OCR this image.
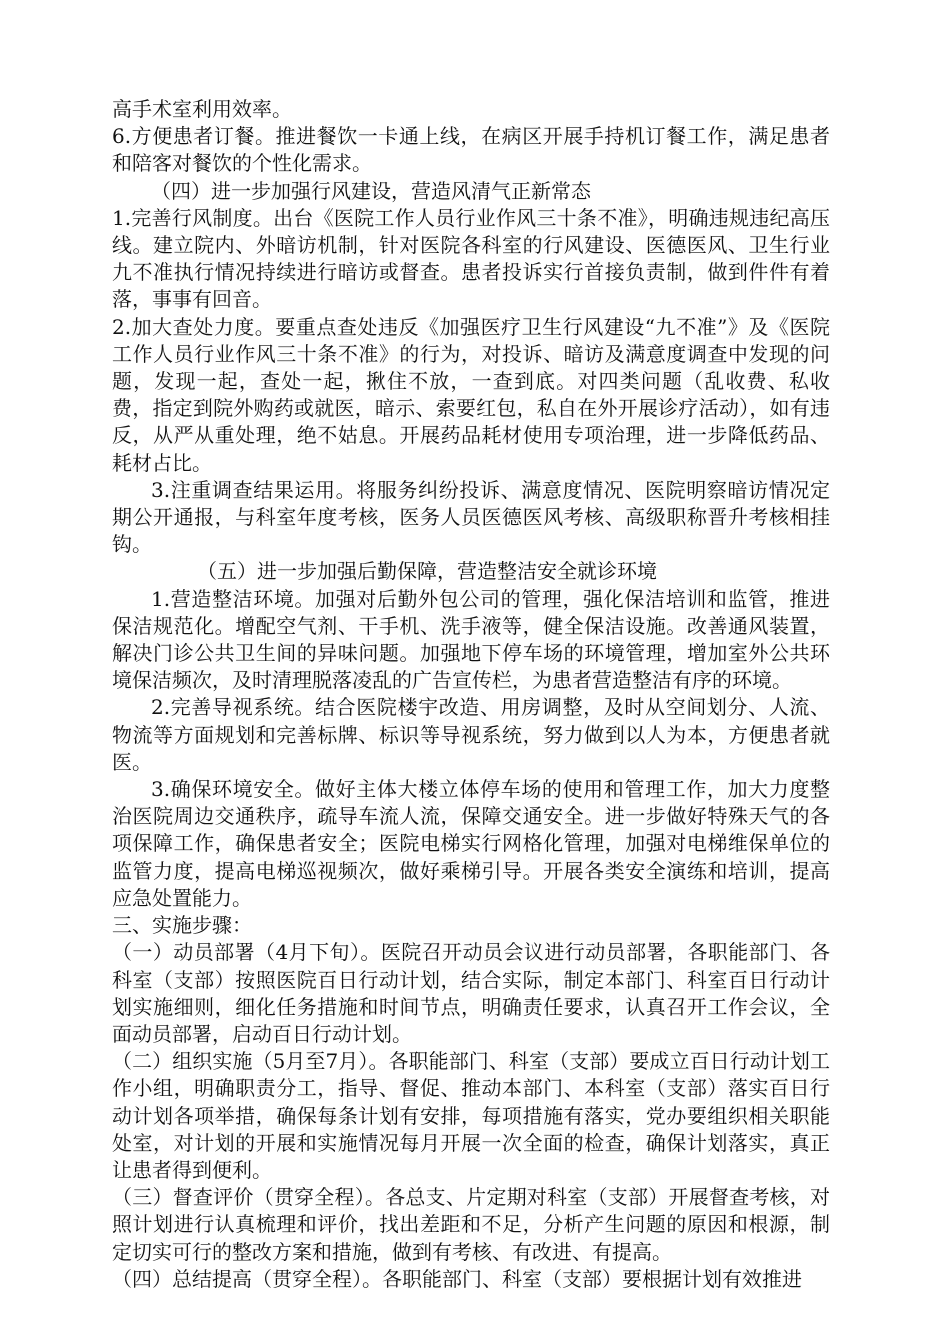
高手术室利用效率。

6.方便患者订餐。推进餐饮一卡通上线，在病区开展手持机订餐工作，满足患者和陪客对餐饮的个性化需求。

（四）进一步加强行风建设，营造风清气正新常态

1.完善行风制度。出台《医院工作人员行业作风三十条不准》，明确违规违纪高压线。建立院内、外暗访机制，针对医院各科室的行风建设、医德医风、卫生行业九不准执行情况持续进行暗访或督查。患者投诉实行首接负责制，做到件件有着落，事事有回音。

2.加大查处力度。要重点查处违反《加强医疗卫生行风建设“九不准”》及《医院工作人员行业作风三十条不准》的行为，对投诉、暗访及满意度调查中发现的问题，发现一起，查处一起，揪住不放，一查到底。对四类问题（乱收费、私收费，指定到院外购药或就医，暗示、索要红包，私自在外开展诊疗活动），如有违反，从严从重处理，绝不姑息。开展药品耗材使用专项治理，进一步降低药品、耗材占比。

3.注重调查结果运用。将服务纠纷投诉、满意度情况、医院明察暗访情况定期公开通报，与科室年度考核，医务人员医德医风考核、高级职称晋升考核相挂钩。

（五）进一步加强后勤保障，营造整洁安全就诊环境

1.营造整洁环境。加强对后勤外包公司的管理，强化保洁培训和监管，推进保洁规范化。增配空气剂、干手机、洗手液等，健全保洁设施。改善通风装置，解决门诊公共卫生间的异味问题。加强地下停车场的环境管理，增加室外公共环境保洁频次，及时清理脱落凌乱的广告宣传栏，为患者营造整洁有序的环境。

2.完善导视系统。结合医院楼宇改造、用房调整，及时从空间划分、人流、物流等方面规划和完善标牌、标识等导视系统，努力做到以人为本，方便患者就医。

3.确保环境安全。做好主体大楼立体停车场的使用和管理工作，加大力度整治医院周边交通秩序，疏导车流人流，保障交通安全。进一步做好特殊天气的各项保障工作，确保患者安全；医院电梯实行网格化管理，加强对电梯维保单位的监管力度，提高电梯巡视频次，做好乘梯引导。开展各类安全演练和培训，提高应急处置能力。

三、实施步骤：

（一）动员部署（4月下旬）。医院召开动员会议进行动员部署，各职能部门、各科室（支部）按照医院百日行动计划，结合实际，制定本部门、科室百日行动计划实施细则，细化任务措施和时间节点，明确责任要求，认真召开工作会议，全面动员部署，启动百日行动计划。

（二）组织实施（5月至7月）。各职能部门、科室（支部）要成立百日行动计划工作小组，明确职责分工，指导、督促、推动本部门、本科室（支部）落实百日行动计划各项举措，确保每条计划有安排，每项措施有落实，党办要组织相关职能处室，对计划的开展和实施情况每月开展一次全面的检查，确保计划落实，真正让患者得到便利。

（三）督查评价（贯穿全程）。各总支、片定期对科室（支部）开展督查考核，对照计划进行认真梳理和评价，找出差距和不足，分析产生问题的原因和根源，制定切实可行的整改方案和措施，做到有考核、有改进、有提高。

（四）总结提高（贯穿全程）。各职能部门、科室（支部）要根据计划有效推进
